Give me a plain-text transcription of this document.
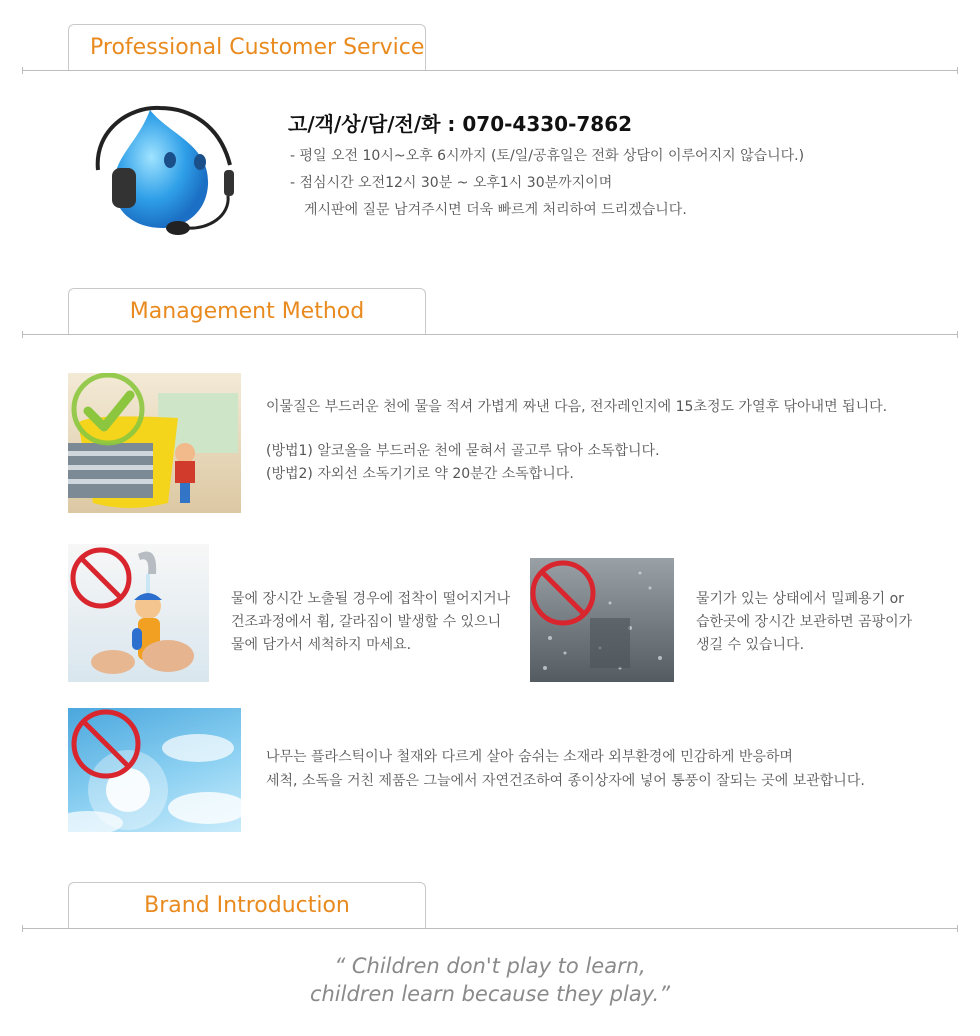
Professional Customer Service
고/객/상/담/전/화 : 070-4330-7862
- 평일 오전 10시~오후 6시까지 (토/일/공휴일은 전화 상담이 이루어지지 않습니다.)
- 점심시간 오전12시 30분 ~ 오후1시 30분까지이며
게시판에 질문 남겨주시면 더욱 빠르게 처리하여 드리겠습니다.
Management Method
이물질은 부드러운 천에 물을 적셔 가볍게 짜낸 다음, 전자레인지에 15초정도 가열후 닦아내면 됩니다.
(방법1) 알코올을 부드러운 천에 묻혀서 골고루 닦아 소독합니다.
(방법2) 자외선 소독기기로 약 20분간 소독합니다.
물에 장시간 노출될 경우에 접착이 떨어지거나
건조과정에서 휨, 갈라짐이 발생할 수 있으니
물에 담가서 세척하지 마세요.
물기가 있는 상태에서 밀폐용기 or
습한곳에 장시간 보관하면 곰팡이가
생길 수 있습니다.
나무는 플라스틱이나 철재와 다르게 살아 숨쉬는 소재라 외부환경에 민감하게 반응하며
세척, 소독을 거친 제품은 그늘에서 자연건조하여 종이상자에 넣어 통풍이 잘되는 곳에 보관합니다.
Brand Introduction
“ Children don't play to learn,
children learn because they play.”
